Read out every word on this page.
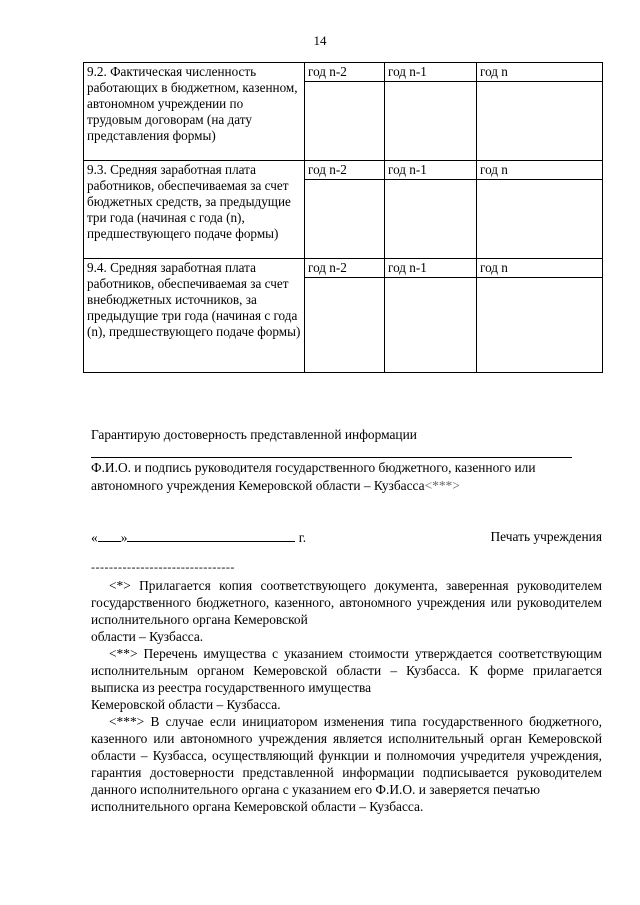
14
9.2. Фактическая численность работающих в бюджетном, казенном, автономном учреждении по трудовым договорам (на дату представления формы)	год n-2	год n-1	год n

9.3. Средняя заработная плата работников, обеспечиваемая за счет бюджетных средств, за предыдущие три года (начиная с года (n), предшествующего подаче формы)	год n-2	год n-1	год n

9.4. Средняя заработная плата работников, обеспечиваемая за счет внебюджетных источников, за предыдущие три года (начиная с года (n), предшествующего подаче формы)	год n-2	год n-1	год n

Гарантирую достоверность представленной информации
Ф.И.О. и подпись руководителя государственного бюджетного, казенного или
автономного учреждения Кемеровской области – Кузбасса<***>
« »	г.	Печать учреждения
--------------------------------

<*> Прилагается копия соответствующего документа, заверенная руководителем государственного бюджетного, казенного, автономного учреждения или руководителем исполнительного органа Кемеровской
области – Кузбасса.

<**> Перечень имущества с указанием стоимости утверждается соответствующим исполнительным органом Кемеровской области – Кузбасса. К форме прилагается выписка из реестра государственного имущества
Кемеровской области – Кузбасса.

<***> В случае если инициатором изменения типа государственного бюджетного, казенного или автономного учреждения является исполнительный орган Кемеровской области – Кузбасса, осуществляющий функции и полномочия учредителя учреждения, гарантия достоверности представленной информации подписывается руководителем данного исполнительного органа с указанием его Ф.И.О. и заверяется печатью
исполнительного органа Кемеровской области – Кузбасса.
